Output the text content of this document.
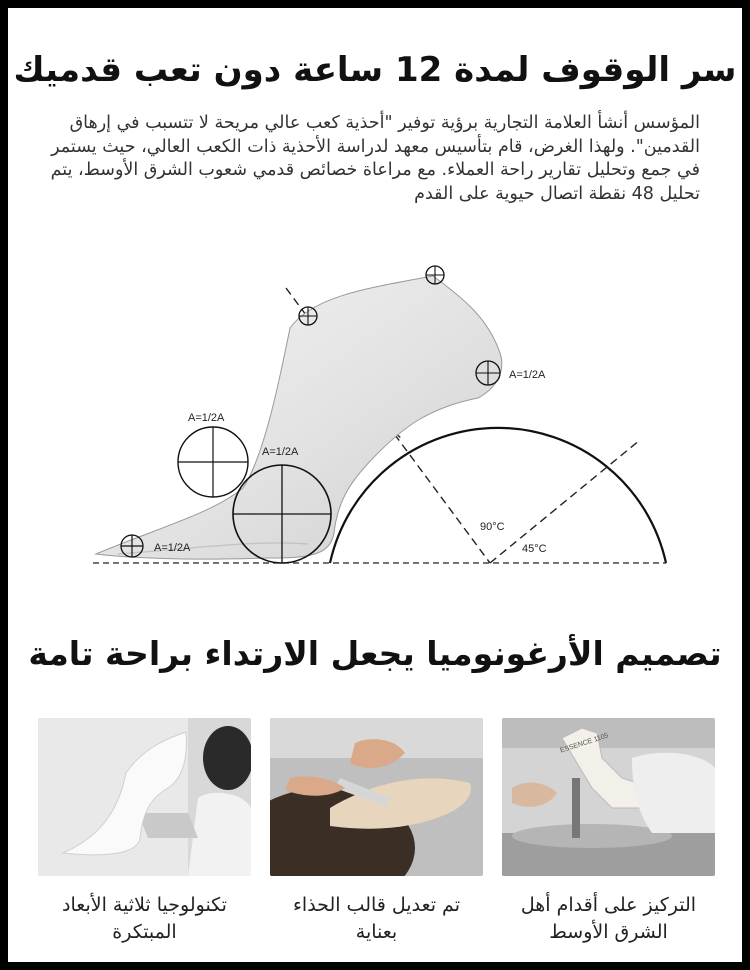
سر الوقوف لمدة 12 ساعة دون تعب قدميك
المؤسس أنشأ العلامة التجارية برؤية توفير "أحذية كعب عالي مريحة لا تتسبب في إرهاق القدمين". ولهذا الغرض، قام بتأسيس معهد لدراسة الأحذية ذات الكعب العالي، حيث يستمر في جمع وتحليل تقارير راحة العملاء. مع مراعاة خصائص قدمي شعوب الشرق الأوسط، يتم تحليل 48 نقطة اتصال حيوية على القدم
A=1/2A
A=1/2A
A=1/2A
A=1/2A
90°C
45°C
تصميم الأرغونوميا يجعل الارتداء براحة تامة
ESSENCE 1105
تكنولوجيا ثلاثية الأبعاد المبتكرة
تم تعديل قالب الحذاء بعناية
التركيز على أقدام أهل الشرق الأوسط
